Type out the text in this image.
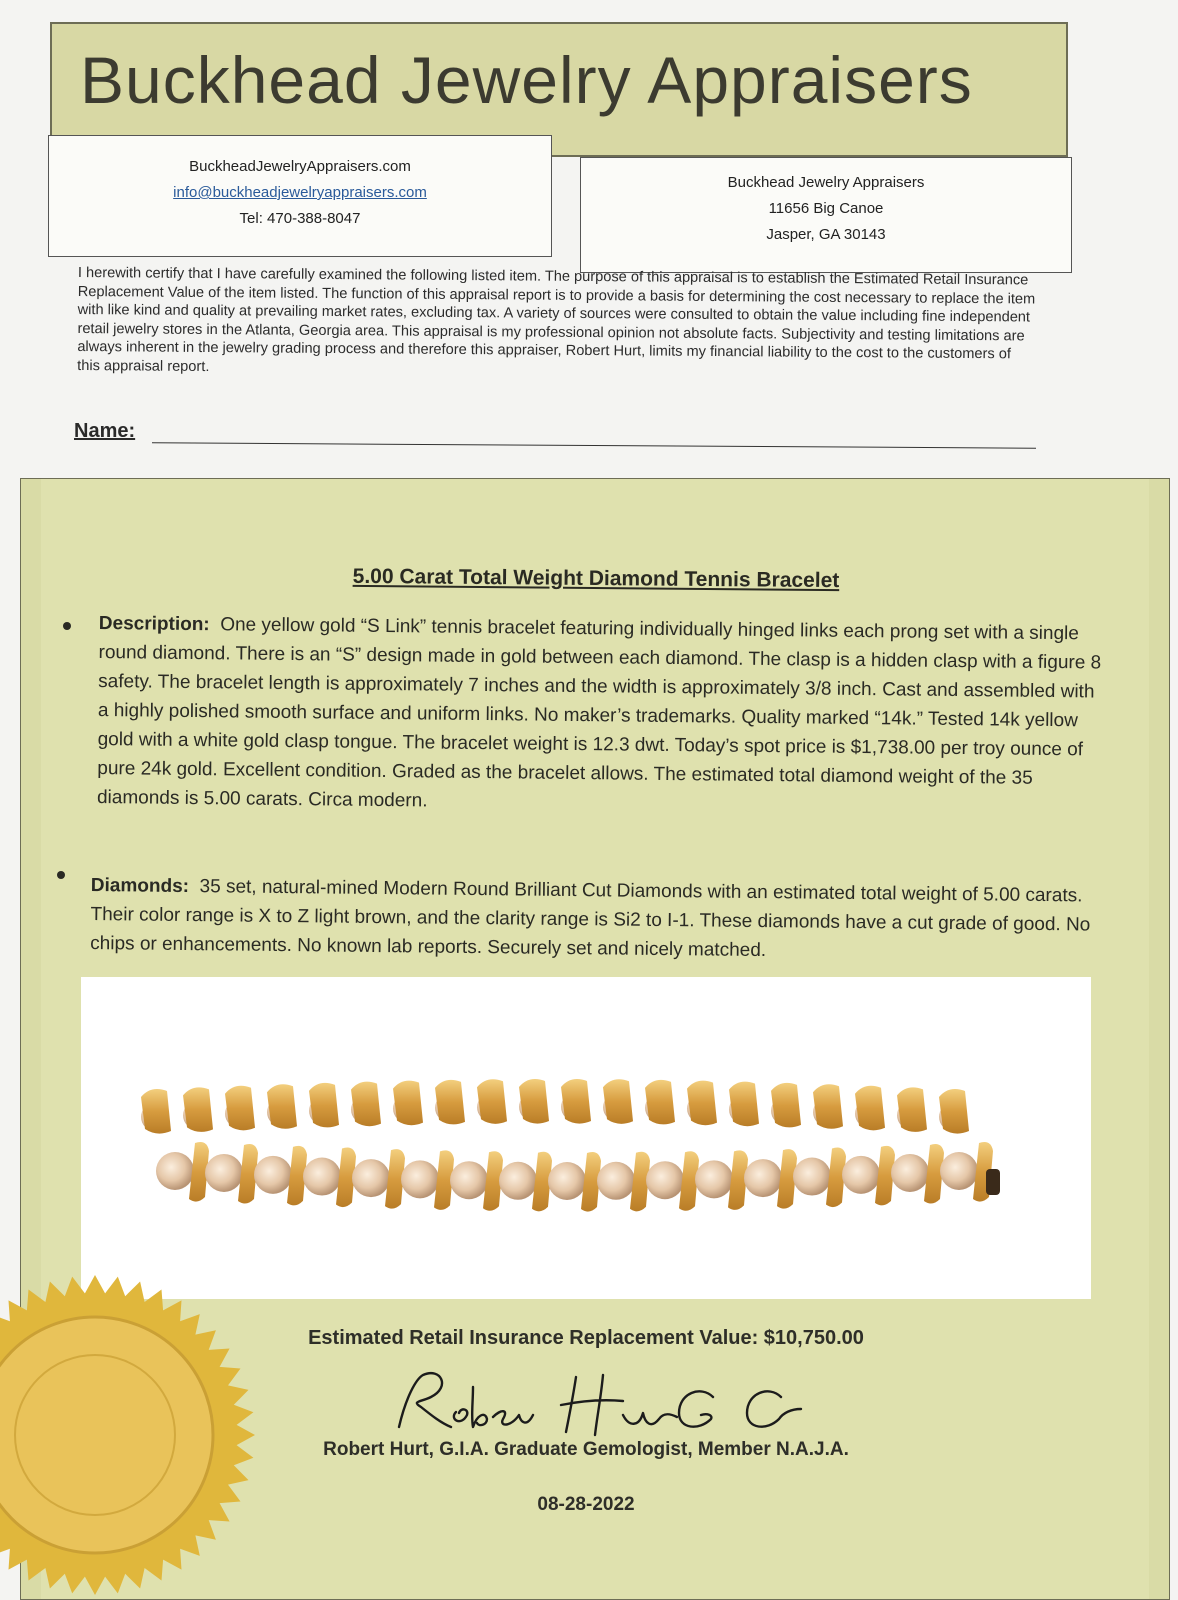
Buckhead Jewelry Appraisers
BuckheadJewelryAppraisers.com
info@buckheadjewelryappraisers.com
Tel: 470-388-8047
Buckhead Jewelry Appraisers
11656 Big Canoe
Jasper, GA 30143
I herewith certify that I have carefully examined the following listed item. The purpose of this appraisal is to establish the Estimated Retail Insurance Replacement Value of the item listed. The function of this appraisal report is to provide a basis for determining the cost necessary to replace the item with like kind and quality at prevailing market rates, excluding tax. A variety of sources were consulted to obtain the value including fine independent retail jewelry stores in the Atlanta, Georgia area. This appraisal is my professional opinion not absolute facts. Subjectivity and testing limitations are always inherent in the jewelry grading process and therefore this appraiser, Robert Hurt, limits my financial liability to the cost to the customers of this appraisal report.
Name:
5.00 Carat Total Weight Diamond Tennis Bracelet
Description: One yellow gold “S Link” tennis bracelet featuring individually hinged links each prong set with a single round diamond. There is an “S” design made in gold between each diamond. The clasp is a hidden clasp with a figure 8 safety. The bracelet length is approximately 7 inches and the width is approximately 3/8 inch. Cast and assembled with a highly polished smooth surface and uniform links. No maker’s trademarks. Quality marked “14k.” Tested 14k yellow gold with a white gold clasp tongue. The bracelet weight is 12.3 dwt. Today’s spot price is $1,738.00 per troy ounce of pure 24k gold. Excellent condition. Graded as the bracelet allows. The estimated total diamond weight of the 35 diamonds is 5.00 carats. Circa modern.
Diamonds: 35 set, natural-mined Modern Round Brilliant Cut Diamonds with an estimated total weight of 5.00 carats. Their color range is X to Z light brown, and the clarity range is Si2 to I-1. These diamonds have a cut grade of good. No chips or enhancements. No known lab reports. Securely set and nicely matched.
Estimated Retail Insurance Replacement Value: $10,750.00
Robert Hurt, G.I.A. Graduate Gemologist, Member N.A.J.A.
08-28-2022
